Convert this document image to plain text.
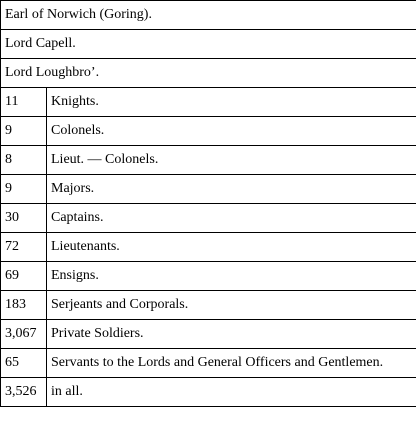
Earl of Norwich (Goring).	
Lord Capell.	
Lord Loughbro’.	
11	Knights.
9	Colonels.
8	Lieut. — Colonels.
9	Majors.
30	Captains.
72	Lieutenants.
69	Ensigns.
183	Serjeants and Corporals.
3,067	Private Soldiers.
65	Servants to the Lords and General Officers and Gentlemen.
3,526	in all.
